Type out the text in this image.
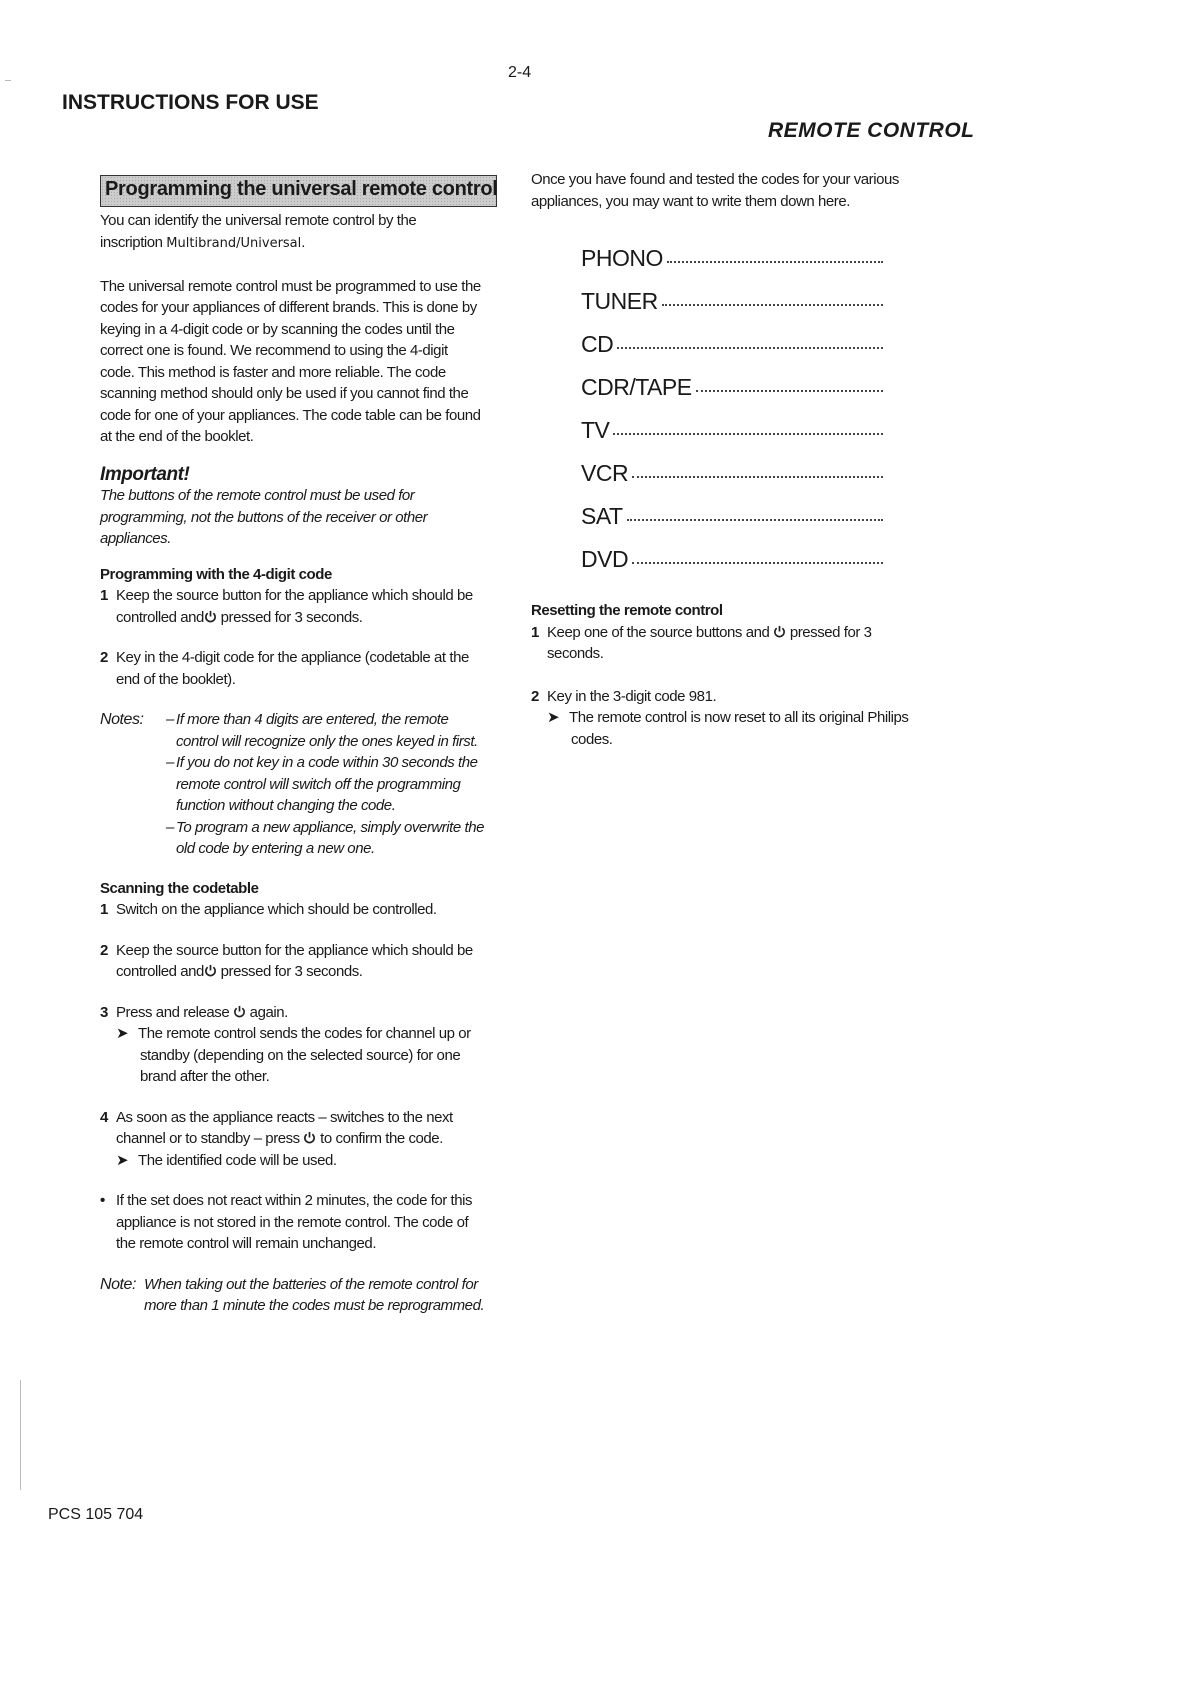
2-4
INSTRUCTIONS FOR USE
REMOTE CONTROL
Programming the universal remote control
You can identify the universal remote control by the
inscription Multibrand/Universal.
The universal remote control must be programmed to use the
codes for your appliances of different brands. This is done by
keying in a 4-digit code or by scanning the codes until the
correct one is found. We recommend to using the 4-digit
code. This method is faster and more reliable. The code
scanning method should only be used if you cannot find the
code for one of your appliances. The code table can be found
at the end of the booklet.
Important!
The buttons of the remote control must be used for
programming, not the buttons of the receiver or other
appliances.
Programming with the 4-digit code
1 Keep the source button for the appliance which should be
controlled and pressed for 3 seconds.
2 Key in the 4-digit code for the appliance (codetable at the
end of the booklet).
Notes: – If more than 4 digits are entered, the remote
control will recognize only the ones keyed in first.
– If you do not key in a code within 30 seconds the
remote control will switch off the programming
function without changing the code.
– To program a new appliance, simply overwrite the
old code by entering a new one.
Scanning the codetable
1 Switch on the appliance which should be controlled.
2 Keep the source button for the appliance which should be
controlled and pressed for 3 seconds.
3 Press and release  again.
➤ The remote control sends the codes for channel up or
standby (depending on the selected source) for one
brand after the other.
4 As soon as the appliance reacts – switches to the next
channel or to standby – press  to confirm the code.
➤ The identified code will be used.
• If the set does not react within 2 minutes, the code for this
appliance is not stored in the remote control. The code of
the remote control will remain unchanged.
Note: When taking out the batteries of the remote control for
more than 1 minute the codes must be reprogrammed.
Once you have found and tested the codes for your various
appliances, you may want to write them down here.
PHONO
TUNER
CD
CDR/TAPE
TV
VCR
SAT
DVD
Resetting the remote control
1 Keep one of the source buttons and  pressed for 3
seconds.
2 Key in the 3-digit code 981.
➤ The remote control is now reset to all its original Philips
codes.
PCS 105 704
